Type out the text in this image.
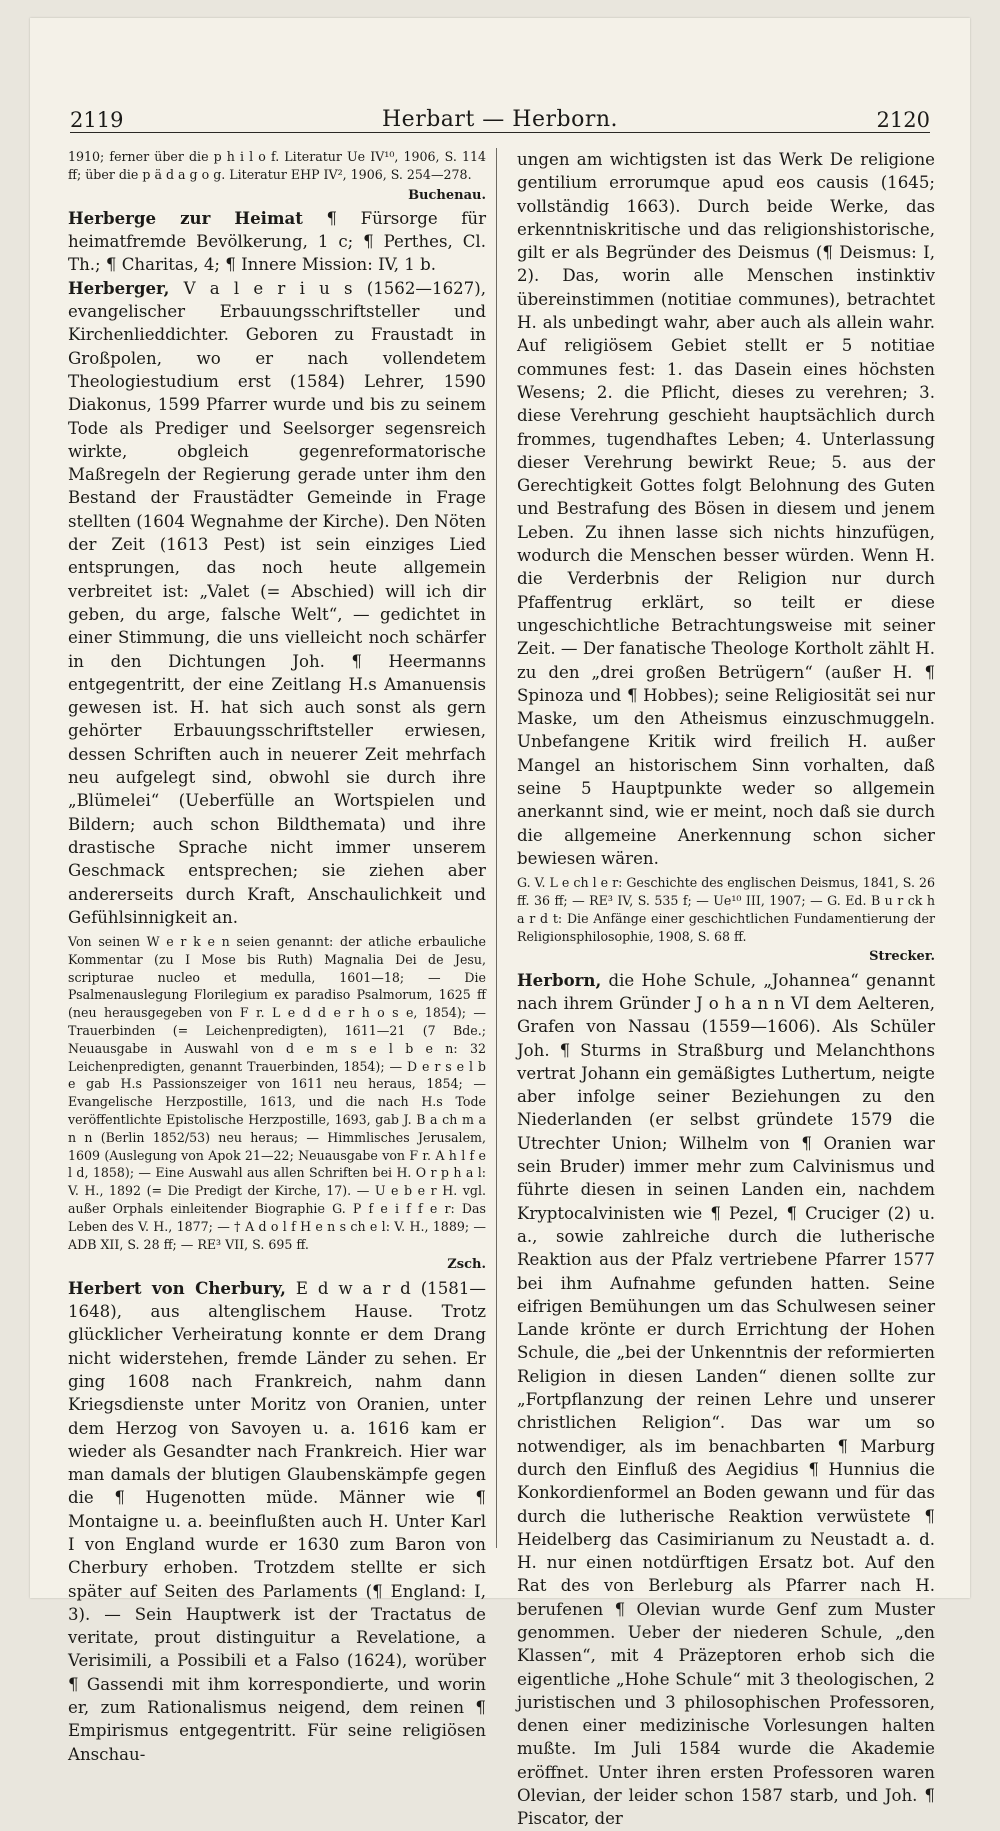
2119	Herbart — Herborn.	2120

1910; ferner über die p h i l o f. Literatur Ue IV¹⁰, 1906, S. 114 ff; über die p ä d a g o g. Literatur EHP IV², 1906, S. 254—278.

Buchenau.

Herberge zur Heimat ¶ Fürsorge für heimatfremde Bevölkerung, 1 c; ¶ Perthes, Cl. Th.; ¶ Charitas, 4; ¶ Innere Mission: IV, 1 b.

Herberger, V a l e r i u s (1562—1627), evangelischer Erbauungsschriftsteller und Kirchenlieddichter. Geboren zu Fraustadt in Großpolen, wo er nach vollendetem Theologiestudium erst (1584) Lehrer, 1590 Diakonus, 1599 Pfarrer wurde und bis zu seinem Tode als Prediger und Seelsorger segensreich wirkte, obgleich gegenreformatorische Maßregeln der Regierung gerade unter ihm den Bestand der Fraustädter Gemeinde in Frage stellten (1604 Wegnahme der Kirche). Den Nöten der Zeit (1613 Pest) ist sein einziges Lied entsprungen, das noch heute allgemein verbreitet ist: „Valet (= Abschied) will ich dir geben, du arge, falsche Welt“, — gedichtet in einer Stimmung, die uns vielleicht noch schärfer in den Dichtungen Joh. ¶ Heermanns entgegentritt, der eine Zeitlang H.s Amanuensis gewesen ist. H. hat sich auch sonst als gern gehörter Erbauungsschriftsteller erwiesen, dessen Schriften auch in neuerer Zeit mehrfach neu aufgelegt sind, obwohl sie durch ihre „Blümelei“ (Ueberfülle an Wortspielen und Bildern; auch schon Bildthemata) und ihre drastische Sprache nicht immer unserem Geschmack entsprechen; sie ziehen aber andererseits durch Kraft, Anschaulichkeit und Gefühlsinnigkeit an.

Von seinen W e r k e n seien genannt: der atliche erbauliche Kommentar (zu I Mose bis Ruth) Magnalia Dei de Jesu, scripturae nucleo et medulla, 1601—18; — Die Psalmenauslegung Florilegium ex paradiso Psalmorum, 1625 ff (neu herausgegeben von F r. L e d d e r h o s e, 1854); — Trauerbinden (= Leichenpredigten), 1611—21 (7 Bde.; Neuausgabe in Auswahl von d e m s e l b e n: 32 Leichenpredigten, genannt Trauerbinden, 1854); — D e r s e l b e gab H.s Passionszeiger von 1611 neu heraus, 1854; — Evangelische Herzpostille, 1613, und die nach H.s Tode veröffentlichte Epistolische Herzpostille, 1693, gab J. B a ch m a n n (Berlin 1852/53) neu heraus; — Himmlisches Jerusalem, 1609 (Auslegung von Apok 21—22; Neuausgabe von F r. A h l f e l d, 1858); — Eine Auswahl aus allen Schriften bei H. O r p h a l: V. H., 1892 (= Die Predigt der Kirche, 17). — U e b e r H. vgl. außer Orphals einleitender Biographie G. P f e i f f e r: Das Leben des V. H., 1877; — † A d o l f H e n s ch e l: V. H., 1889; — ADB XII, S. 28 ff; — RE³ VII, S. 695 ff.

Zsch.

Herbert von Cherbury, E d w a r d (1581—1648), aus altenglischem Hause. Trotz glücklicher Verheiratung konnte er dem Drang nicht widerstehen, fremde Länder zu sehen. Er ging 1608 nach Frankreich, nahm dann Kriegsdienste unter Moritz von Oranien, unter dem Herzog von Savoyen u. a. 1616 kam er wieder als Gesandter nach Frankreich. Hier war man damals der blutigen Glaubenskämpfe gegen die ¶ Hugenotten müde. Männer wie ¶ Montaigne u. a. beeinflußten auch H. Unter Karl I von England wurde er 1630 zum Baron von Cherbury erhoben. Trotzdem stellte er sich später auf Seiten des Parlaments (¶ England: I, 3). — Sein Hauptwerk ist der Tractatus de veritate, prout distinguitur a Revelatione, a Verisimili, a Possibili et a Falso (1624), worüber ¶ Gassendi mit ihm korrespondierte, und worin er, zum Rationalismus neigend, dem reinen ¶ Empirismus entgegentritt. Für seine religiösen Anschau-

ungen am wichtigsten ist das Werk De religione gentilium errorumque apud eos causis (1645; vollständig 1663). Durch beide Werke, das erkenntniskritische und das religionshistorische, gilt er als Begründer des Deismus (¶ Deismus: I, 2). Das, worin alle Menschen instinktiv übereinstimmen (notitiae communes), betrachtet H. als unbedingt wahr, aber auch als allein wahr. Auf religiösem Gebiet stellt er 5 notitiae communes fest: 1. das Dasein eines höchsten Wesens; 2. die Pflicht, dieses zu verehren; 3. diese Verehrung geschieht hauptsächlich durch frommes, tugendhaftes Leben; 4. Unterlassung dieser Verehrung bewirkt Reue; 5. aus der Gerechtigkeit Gottes folgt Belohnung des Guten und Bestrafung des Bösen in diesem und jenem Leben. Zu ihnen lasse sich nichts hinzufügen, wodurch die Menschen besser würden. Wenn H. die Verderbnis der Religion nur durch Pfaffentrug erklärt, so teilt er diese ungeschichtliche Betrachtungsweise mit seiner Zeit. — Der fanatische Theologe Kortholt zählt H. zu den „drei großen Betrügern“ (außer H. ¶ Spinoza und ¶ Hobbes); seine Religiosität sei nur Maske, um den Atheismus einzuschmuggeln. Unbefangene Kritik wird freilich H. außer Mangel an historischem Sinn vorhalten, daß seine 5 Hauptpunkte weder so allgemein anerkannt sind, wie er meint, noch daß sie durch die allgemeine Anerkennung schon sicher bewiesen wären.

G. V. L e ch l e r: Geschichte des englischen Deismus, 1841, S. 26 ff. 36 ff; — RE³ IV, S. 535 f; — Ue¹⁰ III, 1907; — G. Ed. B u r ck h a r d t: Die Anfänge einer geschichtlichen Fundamentierung der Religionsphilosophie, 1908, S. 68 ff.

Strecker.

Herborn, die Hohe Schule, „Johannea“ genannt nach ihrem Gründer J o h a n n VI dem Aelteren, Grafen von Nassau (1559—1606). Als Schüler Joh. ¶ Sturms in Straßburg und Melanchthons vertrat Johann ein gemäßigtes Luthertum, neigte aber infolge seiner Beziehungen zu den Niederlanden (er selbst gründete 1579 die Utrechter Union; Wilhelm von ¶ Oranien war sein Bruder) immer mehr zum Calvinismus und führte diesen in seinen Landen ein, nachdem Kryptocalvinisten wie ¶ Pezel, ¶ Cruciger (2) u. a., sowie zahlreiche durch die lutherische Reaktion aus der Pfalz vertriebene Pfarrer 1577 bei ihm Aufnahme gefunden hatten. Seine eifrigen Bemühungen um das Schulwesen seiner Lande krönte er durch Errichtung der Hohen Schule, die „bei der Unkenntnis der reformierten Religion in diesen Landen“ dienen sollte zur „Fortpflanzung der reinen Lehre und unserer christlichen Religion“. Das war um so notwendiger, als im benachbarten ¶ Marburg durch den Einfluß des Aegidius ¶ Hunnius die Konkordienformel an Boden gewann und für das durch die lutherische Reaktion verwüstete ¶ Heidelberg das Casimirianum zu Neustadt a. d. H. nur einen notdürftigen Ersatz bot. Auf den Rat des von Berleburg als Pfarrer nach H. berufenen ¶ Olevian wurde Genf zum Muster genommen. Ueber der niederen Schule, „den Klassen“, mit 4 Präzeptoren erhob sich die eigentliche „Hohe Schule“ mit 3 theologischen, 2 juristischen und 3 philosophischen Professoren, denen einer medizinische Vorlesungen halten mußte. Im Juli 1584 wurde die Akademie eröffnet. Unter ihren ersten Professoren waren Olevian, der leider schon 1587 starb, und Joh. ¶ Piscator, der
